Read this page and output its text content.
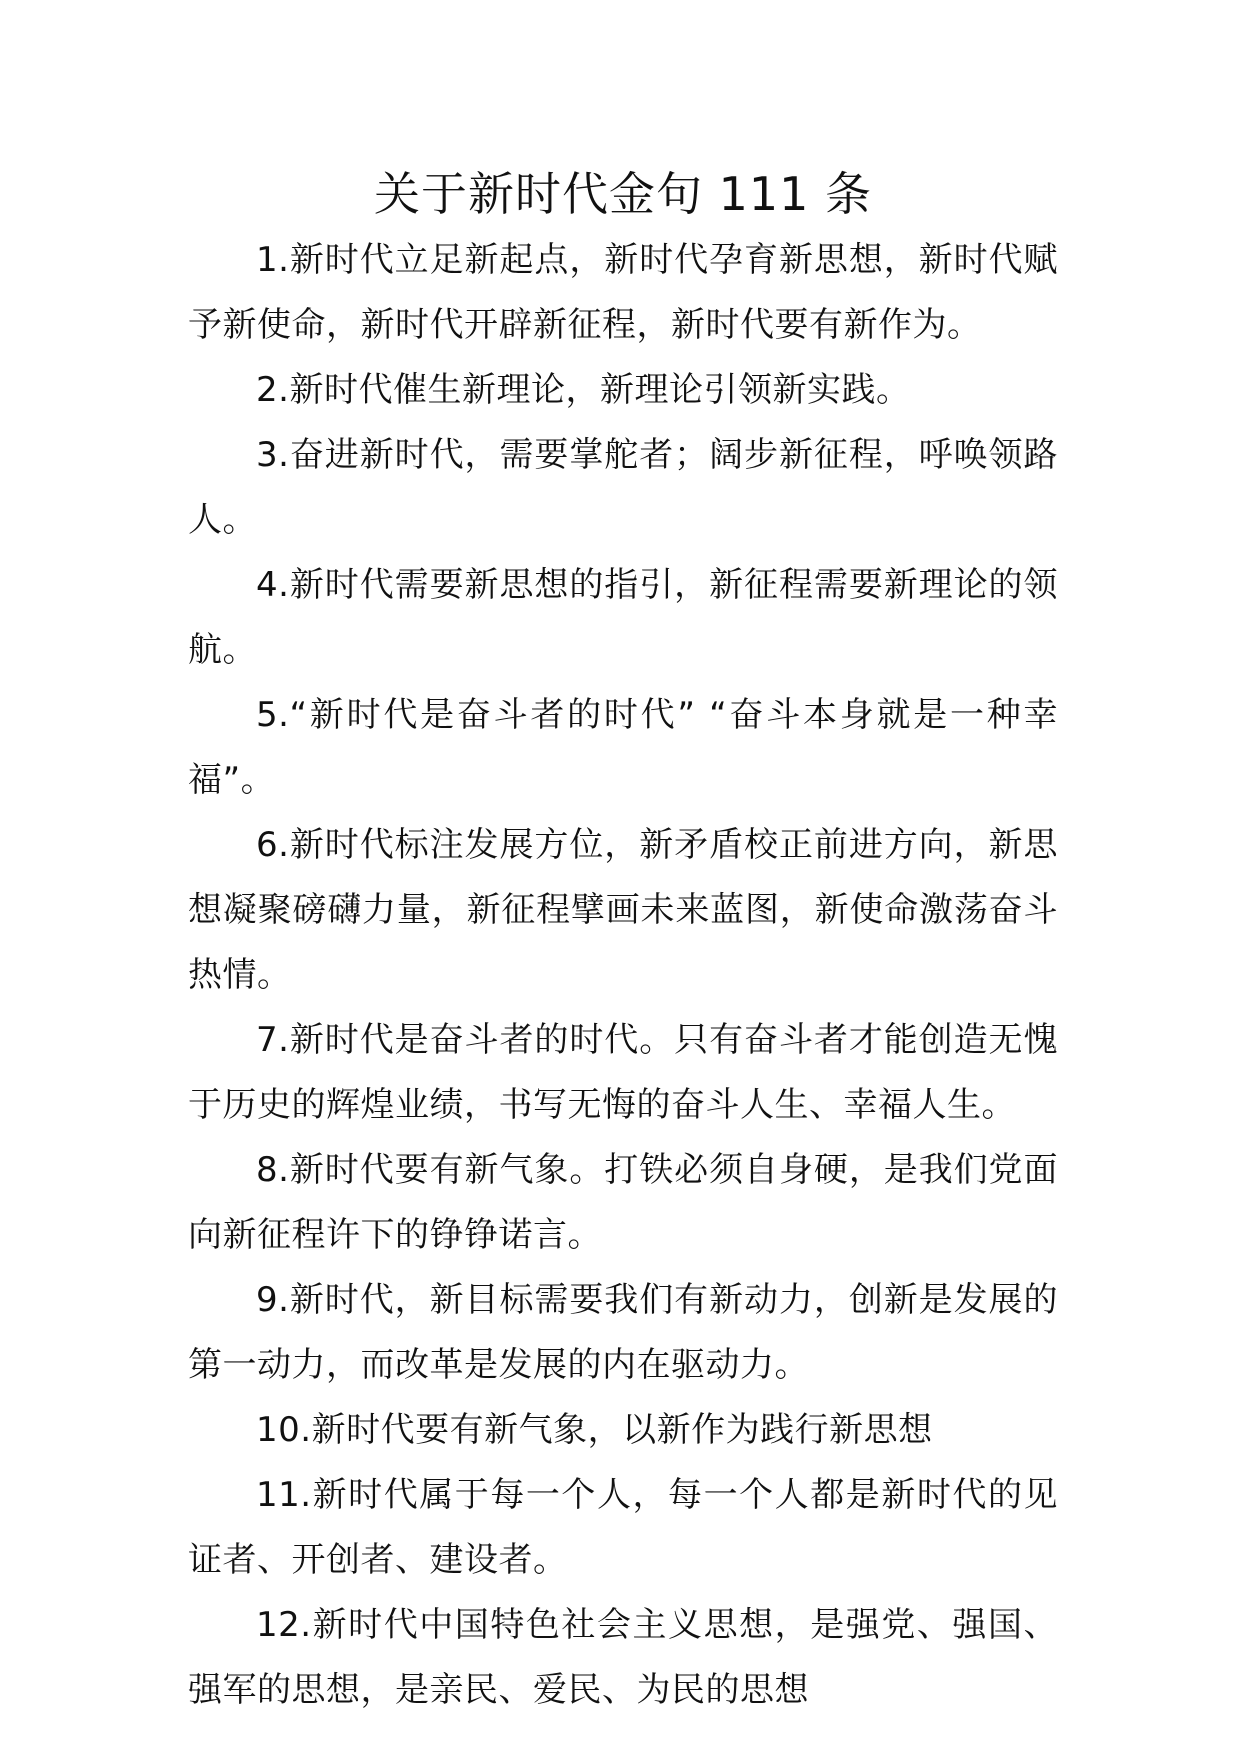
关于新时代金句 111 条

1.新时代立足新起点，新时代孕育新思想，新时代赋予新使命，新时代开辟新征程，新时代要有新作为。

2.新时代催生新理论，新理论引领新实践。

3.奋进新时代，需要掌舵者；阔步新征程，呼唤领路人。

4.新时代需要新思想的指引，新征程需要新理论的领航。

5.“新时代是奋斗者的时代” “奋斗本身就是一种幸福”。

6.新时代标注发展方位，新矛盾校正前进方向，新思想凝聚磅礴力量，新征程擘画未来蓝图，新使命激荡奋斗热情。

7.新时代是奋斗者的时代。只有奋斗者才能创造无愧于历史的辉煌业绩，书写无悔的奋斗人生、幸福人生。

8.新时代要有新气象。打铁必须自身硬，是我们党面向新征程许下的铮铮诺言。

9.新时代，新目标需要我们有新动力，创新是发展的第一动力，而改革是发展的内在驱动力。

10.新时代要有新气象，以新作为践行新思想

11.新时代属于每一个人，每一个人都是新时代的见证者、开创者、建设者。

12.新时代中国特色社会主义思想，是强党、强国、强军的思想，是亲民、爱民、为民的思想
